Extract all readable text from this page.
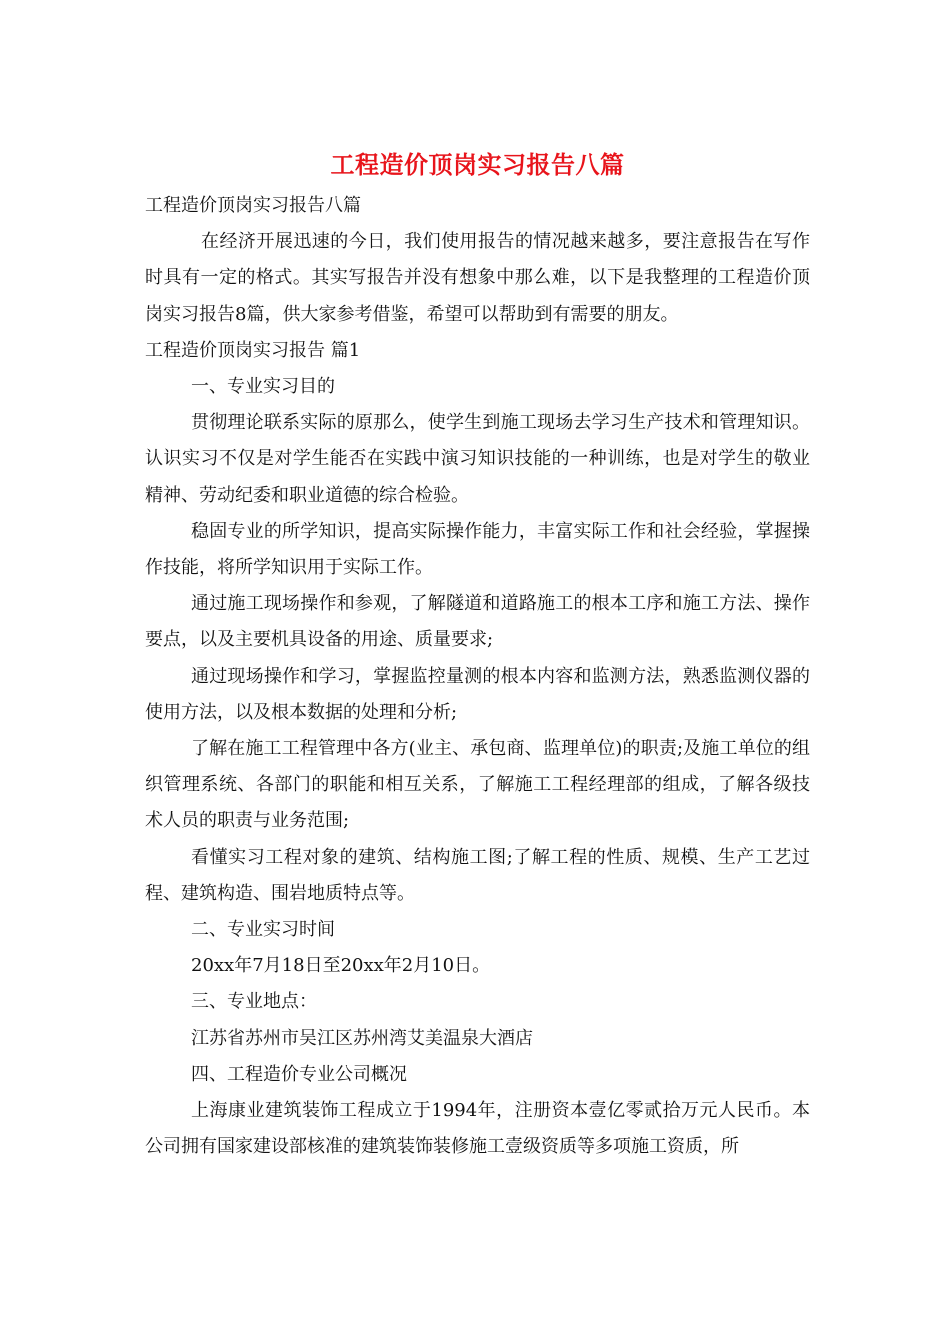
工程造价顶岗实习报告八篇

工程造价顶岗实习报告八篇

在经济开展迅速的今日，我们使用报告的情况越来越多，要注意报告在写作时具有一定的格式。其实写报告并没有想象中那么难，以下是我整理的工程造价顶岗实习报告8篇，供大家参考借鉴，希望可以帮助到有需要的朋友。

工程造价顶岗实习报告 篇1

一、专业实习目的

贯彻理论联系实际的原那么，使学生到施工现场去学习生产技术和管理知识。认识实习不仅是对学生能否在实践中演习知识技能的一种训练，也是对学生的敬业精神、劳动纪委和职业道德的综合检验。

稳固专业的所学知识，提高实际操作能力，丰富实际工作和社会经验，掌握操作技能，将所学知识用于实际工作。

通过施工现场操作和参观，了解隧道和道路施工的根本工序和施工方法、操作要点，以及主要机具设备的用途、质量要求;

通过现场操作和学习，掌握监控量测的根本内容和监测方法，熟悉监测仪器的使用方法，以及根本数据的处理和分析;

了解在施工工程管理中各方(业主、承包商、监理单位)的职责;及施工单位的组织管理系统、各部门的职能和相互关系，了解施工工程经理部的组成，了解各级技术人员的职责与业务范围;

看懂实习工程对象的建筑、结构施工图;了解工程的性质、规模、生产工艺过程、建筑构造、围岩地质特点等。

二、专业实习时间

20xx年7月18日至20xx年2月10日。

三、专业地点：

江苏省苏州市吴江区苏州湾艾美温泉大酒店

四、工程造价专业公司概况

上海康业建筑装饰工程成立于1994年，注册资本壹亿零贰拾万元人民币。本公司拥有国家建设部核准的建筑装饰装修施工壹级资质等多项施工资质，所
